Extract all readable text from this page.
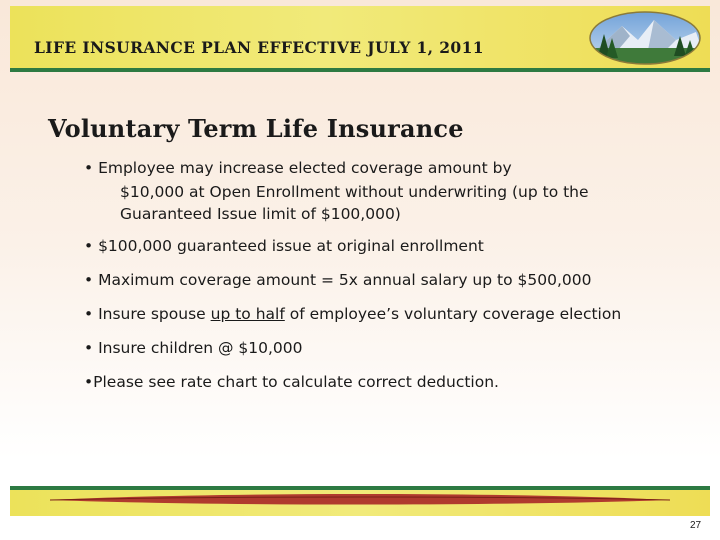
LIFE INSURANCE PLAN EFFECTIVE JULY 1, 2011
Voluntary Term Life Insurance
• Employee may increase elected coverage amount by
$10,000 at Open Enrollment without underwriting (up to the
Guaranteed Issue limit of $100,000)
• $100,000 guaranteed issue at original enrollment
• Maximum coverage amount = 5x annual salary up to $500,000
• Insure spouse up to half of employee’s voluntary coverage election
• Insure children @ $10,000
•Please see rate chart to calculate correct deduction.
27
